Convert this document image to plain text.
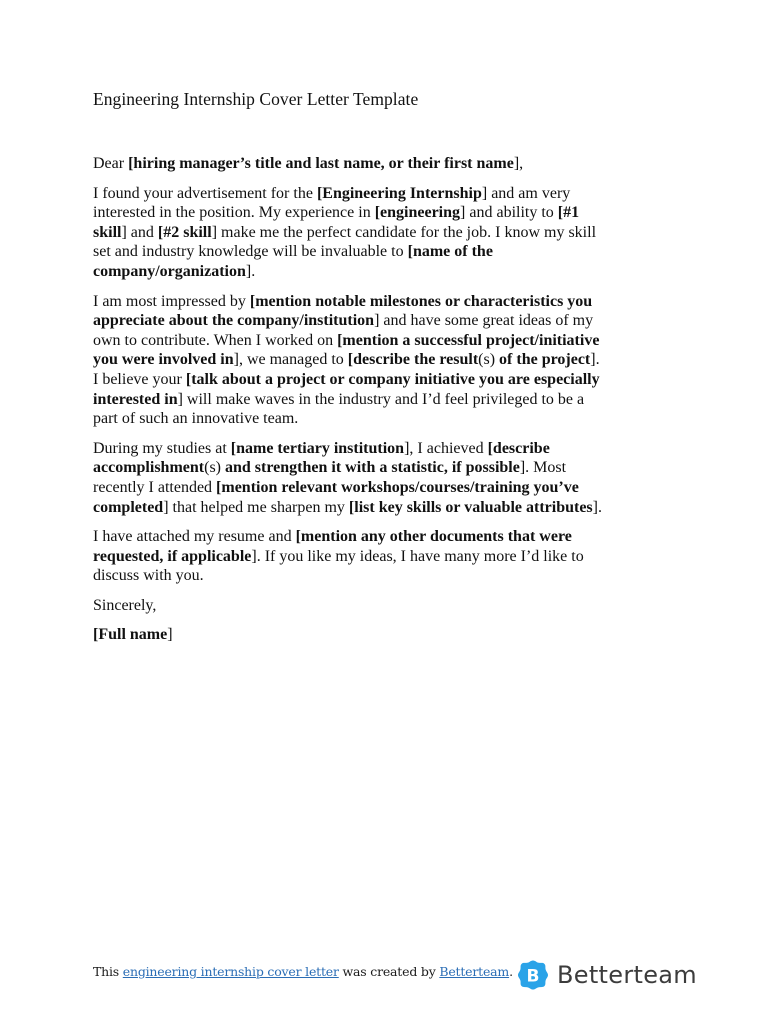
Engineering Internship Cover Letter Template

Dear [hiring manager’s title and last name, or their first name],

I found your advertisement for the [Engineering Internship] and am very
interested in the position. My experience in [engineering] and ability to [#1
skill] and [#2 skill] make me the perfect candidate for the job. I know my skill
set and industry knowledge will be invaluable to [name of the
company/organization].

I am most impressed by [mention notable milestones or characteristics you
appreciate about the company/institution] and have some great ideas of my
own to contribute. When I worked on [mention a successful project/initiative
you were involved in], we managed to [describe the result(s) of the project].
I believe your [talk about a project or company initiative you are especially
interested in] will make waves in the industry and I’d feel privileged to be a
part of such an innovative team.

During my studies at [name tertiary institution], I achieved [describe
accomplishment(s) and strengthen it with a statistic, if possible]. Most
recently I attended [mention relevant workshops/courses/training you’ve
completed] that helped me sharpen my [list key skills or valuable attributes].

I have attached my resume and [mention any other documents that were
requested, if applicable]. If you like my ideas, I have many more I’d like to
discuss with you.

Sincerely,

[Full name]

This engineering internship cover letter was created by Betterteam. B Betterteam
